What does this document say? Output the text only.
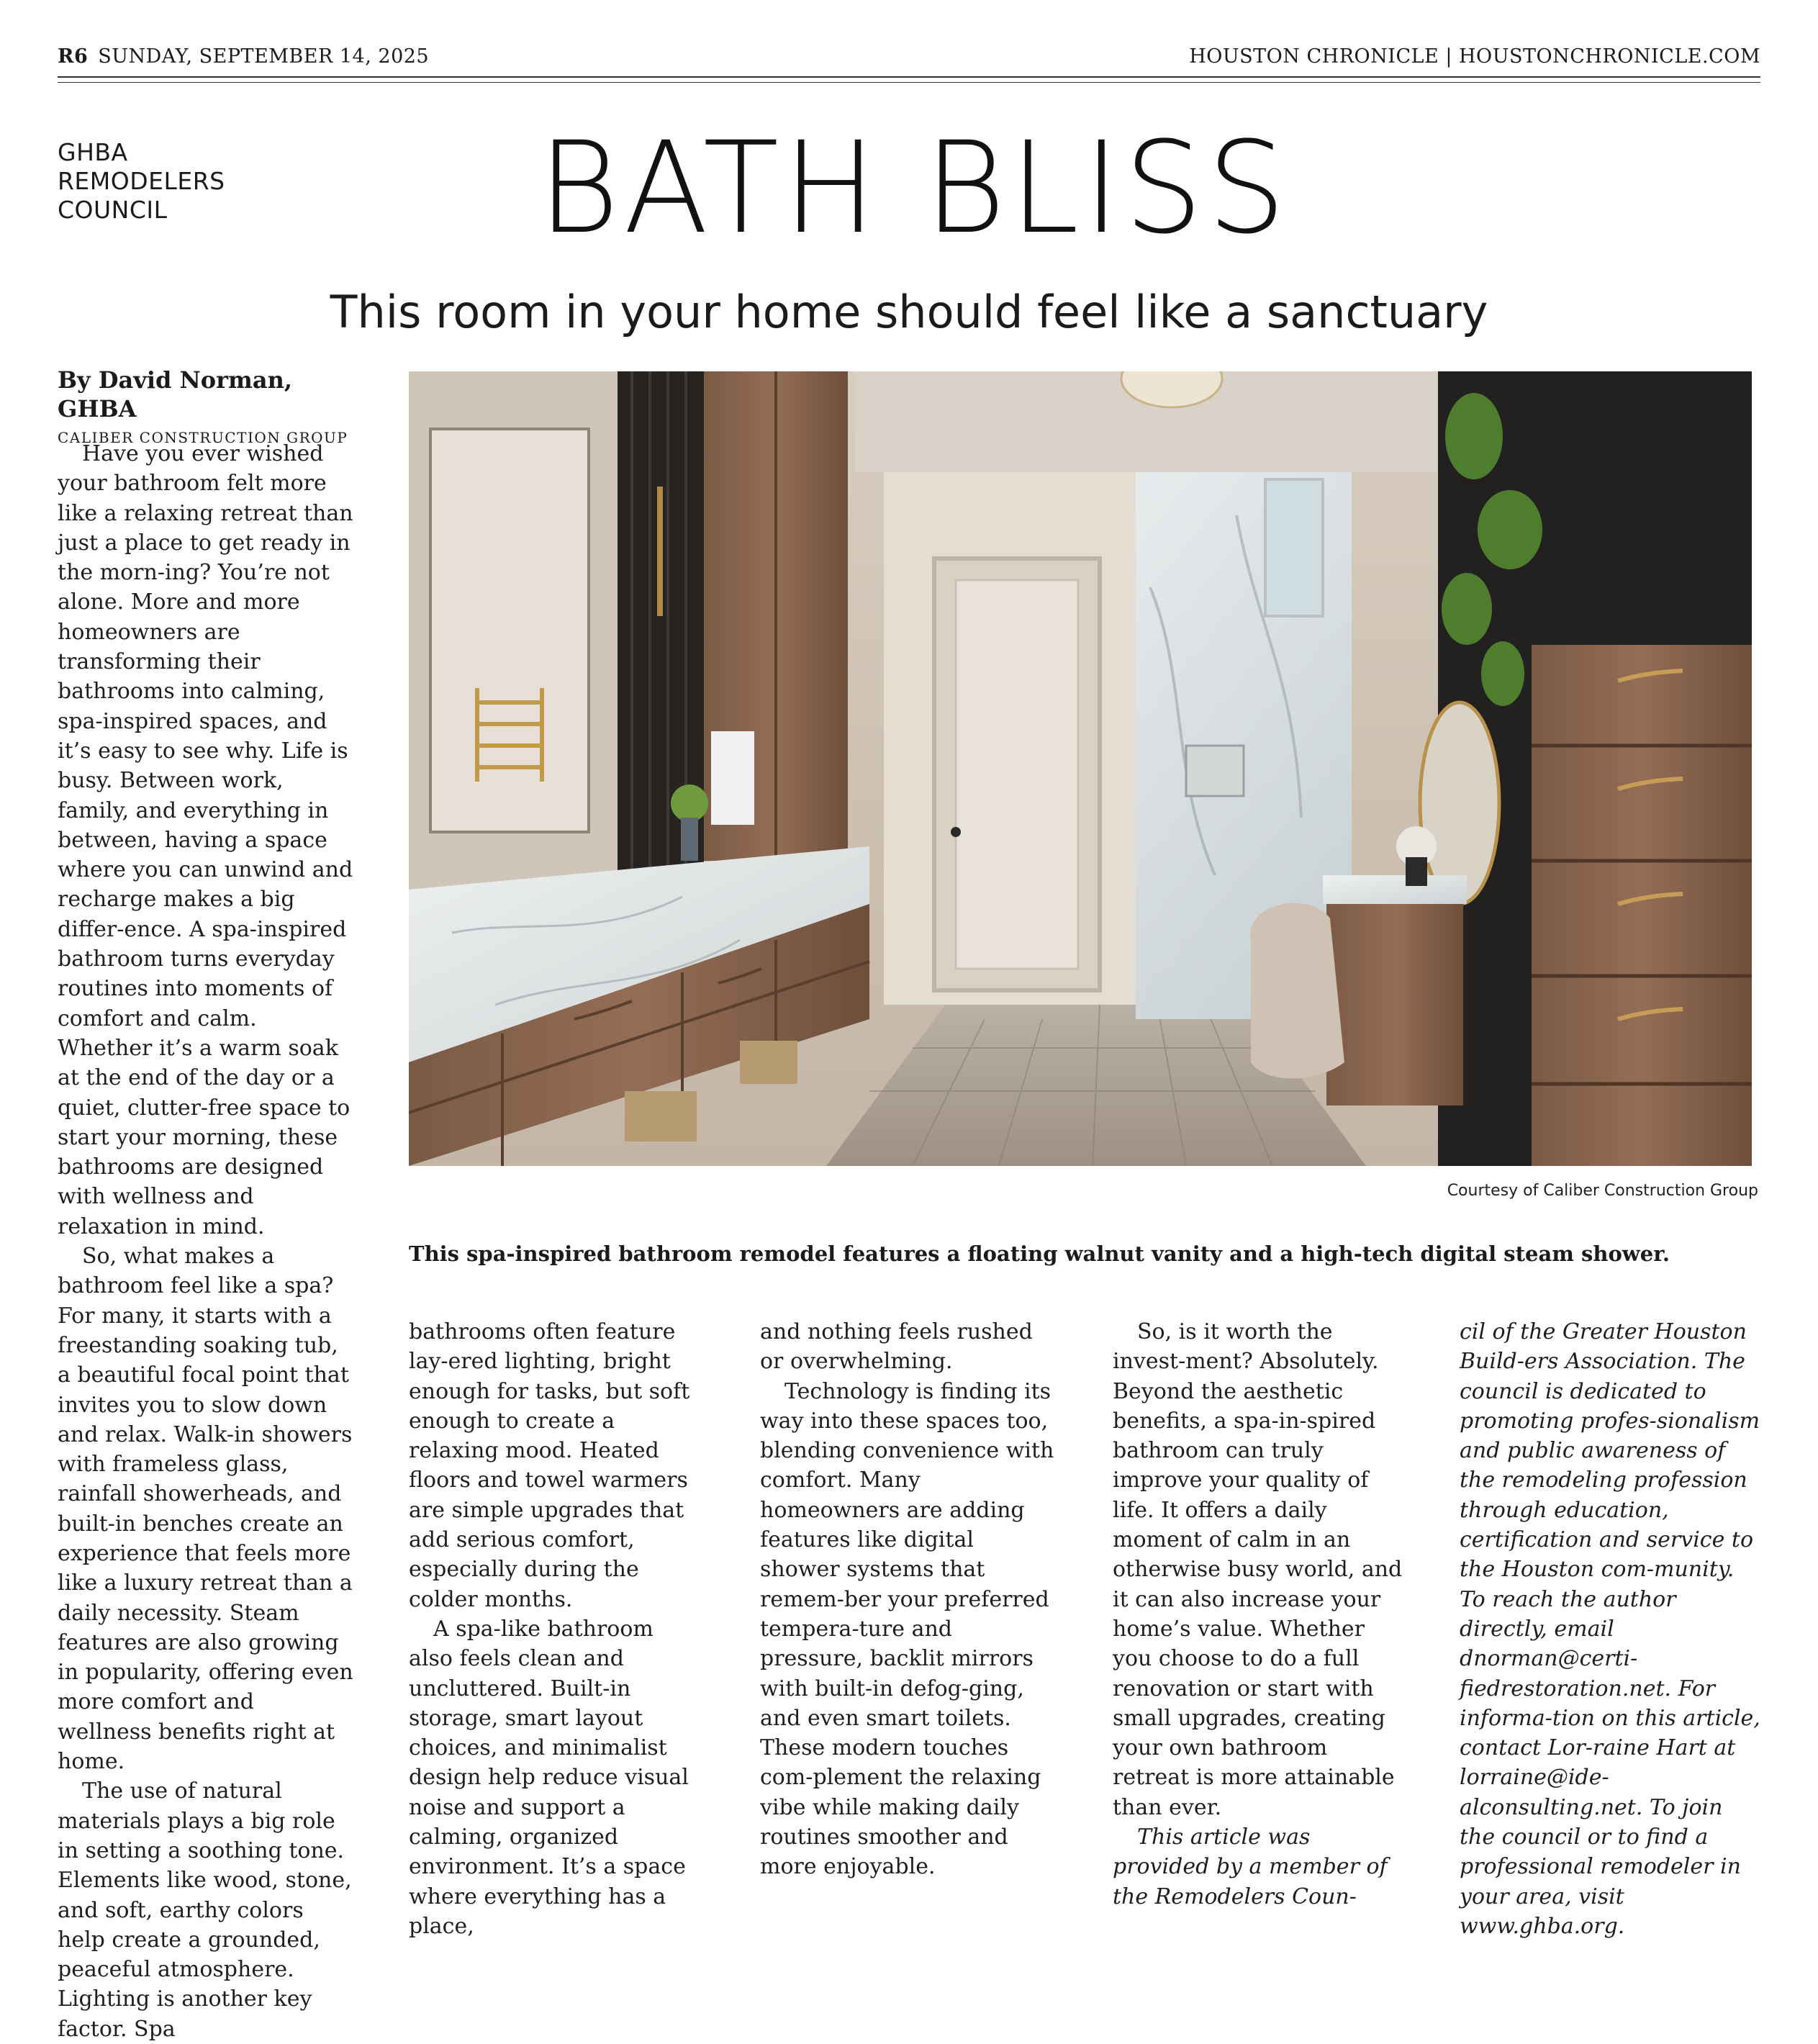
R6 SUNDAY, SEPTEMBER 14, 2025	HOUSTON CHRONICLE | HOUSTONCHRONICLE.COM
GHBA
REMODELERS
COUNCIL	BATH BLISS
This room in your home should feel like a sanctuary
By David Norman, GHBA
CALIBER CONSTRUCTION GROUP

Have you ever wished your bathroom felt more like a relaxing retreat than just a place to get ready in the morn-ing? You’re not alone. More and more homeowners are transforming their bathrooms into calming, spa-inspired spaces, and it’s easy to see why. Life is busy. Between work, family, and everything in between, having a space where you can unwind and recharge makes a big differ-ence. A spa-inspired bathroom turns everyday routines into moments of comfort and calm. Whether it’s a warm soak at the end of the day or a quiet, clutter-free space to start your morning, these bathrooms are designed with wellness and relaxation in mind.

So, what makes a bathroom feel like a spa? For many, it starts with a freestanding soaking tub, a beautiful focal point that invites you to slow down and relax. Walk-in showers with frameless glass, rainfall showerheads, and built-in benches create an experience that feels more like a luxury retreat than a daily necessity. Steam features are also growing in popularity, offering even more comfort and wellness benefits right at home.

The use of natural materials plays a big role in setting a soothing tone. Elements like wood, stone, and soft, earthy colors help create a grounded, peaceful atmosphere. Lighting is another key factor. Spa

Courtesy of Caliber Construction Group
This spa-inspired bathroom remodel features a floating walnut vanity and a high-tech digital steam shower.

bathrooms often feature lay-ered lighting, bright enough for tasks, but soft enough to create a relaxing mood. Heated floors and towel warmers are simple upgrades that add serious comfort, especially during the colder months.

A spa-like bathroom also feels clean and uncluttered. Built-in storage, smart layout choices, and minimalist design help reduce visual noise and support a calming, organized environment. It’s a space where everything has a place,

and nothing feels rushed or overwhelming.

Technology is finding its way into these spaces too, blending convenience with comfort. Many homeowners are adding features like digital shower systems that remem-ber your preferred tempera-ture and pressure, backlit mirrors with built-in defog-ging, and even smart toilets. These modern touches com-plement the relaxing vibe while making daily routines smoother and more enjoyable.

So, is it worth the invest-ment? Absolutely. Beyond the aesthetic benefits, a spa-in-spired bathroom can truly improve your quality of life. It offers a daily moment of calm in an otherwise busy world, and it can also increase your home’s value. Whether you choose to do a full renovation or start with small upgrades, creating your own bathroom retreat is more attainable than ever.

This article was provided by a member of the Remodelers Coun-

cil of the Greater Houston Build-ers Association. The council is dedicated to promoting profes-sionalism and public awareness of the remodeling profession through education, certification and service to the Houston com-munity. To reach the author directly, email dnorman@certi-fiedrestoration.net. For informa-tion on this article, contact Lor-raine Hart at lorraine@ide-alconsulting.net. To join the council or to find a professional remodeler in your area, visit www.ghba.org.
